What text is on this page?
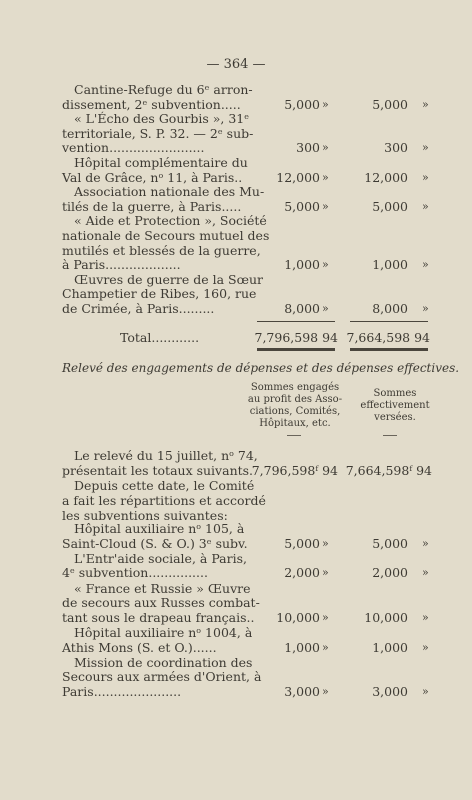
— 364 —
Cantine-Refuge du 6ᵉ arron-
dissement, 2ᵉ subvention.....	5,000 »	5,000 »
« L'Écho des Gourbis », 31ᵉ
territoriale, S. P. 32. — 2ᵉ sub-
vention........................	300 »	300 »
Hôpital complémentaire du
Val de Grâce, nᵒ 11, à Paris..	12,000 »	12,000 »
Association nationale des Mu-
tilés de la guerre, à Paris.....	5,000 »	5,000 »
« Aide et Protection », Société
nationale de Secours mutuel des
mutilés et blessés de la guerre,
à Paris...................	1,000 »	1,000 »
Œuvres de guerre de la Sœur
Champetier de Ribes, 160, rue
de Crimée, à Paris.........	8,000 »	8,000 »
Total............	7,796,598 94 7,664,598 94
Relevé des engagements de dépenses et des dépenses effectives.
Sommes engagés
au profit des Asso-
ciations, Comités,
Hôpitaux, etc.
Sommes
effectivement
versées.
Le relevé du 15 juillet, nᵒ 74,
présentait les totaux suivants.
7,796,598ᶠ 94 7,664,598ᶠ 94
Depuis cette date, le Comité
a fait les répartitions et accordé
les subventions suivantes:
Hôpital auxiliaire nᵒ 105, à
Saint-Cloud (S. & O.) 3ᵉ subv.	5,000 »	5,000 »
L'Entr'aide sociale, à Paris,
4ᵉ subvention...............	2,000 »	2,000 »
« France et Russie » Œuvre
de secours aux Russes combat-
tant sous le drapeau français..	10,000 »	10,000 »
Hôpital auxiliaire nᵒ 1004, à
Athis Mons (S. et O.)......	1,000 »	1,000 »
Mission de coordination des
Secours aux armées d'Orient, à
Paris......................	3,000 »	3,000 »
